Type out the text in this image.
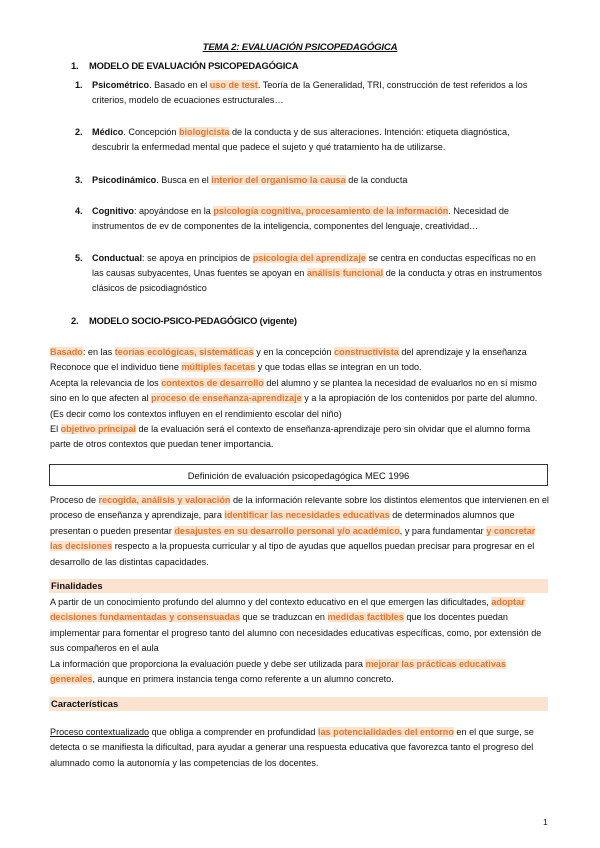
TEMA 2: EVALUACIÓN PSICOPEDAGÓGICA
1. MODELO DE EVALUACIÓN PSICOPEDAGÓGICA
1. Psicométrico. Basado en el uso de test. Teoría de la Generalidad, TRI, construcción de test referidos a los criterios, modelo de ecuaciones estructurales…
2. Médico. Concepción biologicista de la conducta y de sus alteraciones. Intención: etiqueta diagnóstica, descubrir la enfermedad mental que padece el sujeto y qué tratamiento ha de utilizarse.
3. Psicodinámico. Busca en el interior del organismo la causa de la conducta
4. Cognitivo: apoyándose en la psicología cognitiva, procesamiento de la información. Necesidad de instrumentos de ev de componentes de la inteligencia, componentes del lenguaje, creatividad…
5. Conductual: se apoya en principios de psicología del aprendizaje se centra en conductas específicas no en las causas subyacentes, Unas fuentes se apoyan en análisis funcional de la conducta y otras en instrumentos clásicos de psicodiagnóstico
2. MODELO SOCIO-PSICO-PEDAGÓGICO (vigente)
Basado: en las teorías ecológicas, sistemáticas y en la concepción constructivista del aprendizaje y la enseñanza
Reconoce que el individuo tiene múltiples facetas y que todas ellas se integran en un todo.
Acepta la relevancia de los contextos de desarrollo del alumno y se plantea la necesidad de evaluarlos no en sí mismo sino en lo que afecten al proceso de enseñanza-aprendizaje y a la apropiación de los contenidos por parte del alumno. (Es decir como los contextos influyen en el rendimiento escolar del niño)
El objetivo principal de la evaluación será el contexto de enseñanza-aprendizaje pero sin olvidar que el alumno forma parte de otros contextos que puedan tener importancia.
Definición de evaluación psicopedagógica MEC 1996
Proceso de recogida, análisis y valoración de la información relevante sobre los distintos elementos que intervienen en el proceso de enseñanza y aprendizaje, para identificar las necesidades educativas de determinados alumnos que presentan o pueden presentar desajustes en su desarrollo personal y/o académico, y para fundamentar y concretar las decisiones respecto a la propuesta curricular y al tipo de ayudas que aquellos puedan precisar para progresar en el desarrollo de las distintas capacidades.
Finalidades
A partir de un conocimiento profundo del alumno y del contexto educativo en el que emergen las dificultades, adoptar decisiones fundamentadas y consensuadas que se traduzcan en medidas factibles que los docentes puedan implementar para fomentar el progreso tanto del alumno con necesidades educativas específicas, como, por extensión de sus compañeros en el aula
La información que proporciona la evaluación puede y debe ser utilizada para mejorar las prácticas educativas generales, aunque en primera instancia tenga como referente a un alumno concreto.
Características
Proceso contextualizado que obliga a comprender en profundidad las potencialidades del entorno en el que surge, se detecta o se manifiesta la dificultad, para ayudar a generar una respuesta educativa que favorezca tanto el progreso del alumnado como la autonomía y las competencias de los docentes.
1
